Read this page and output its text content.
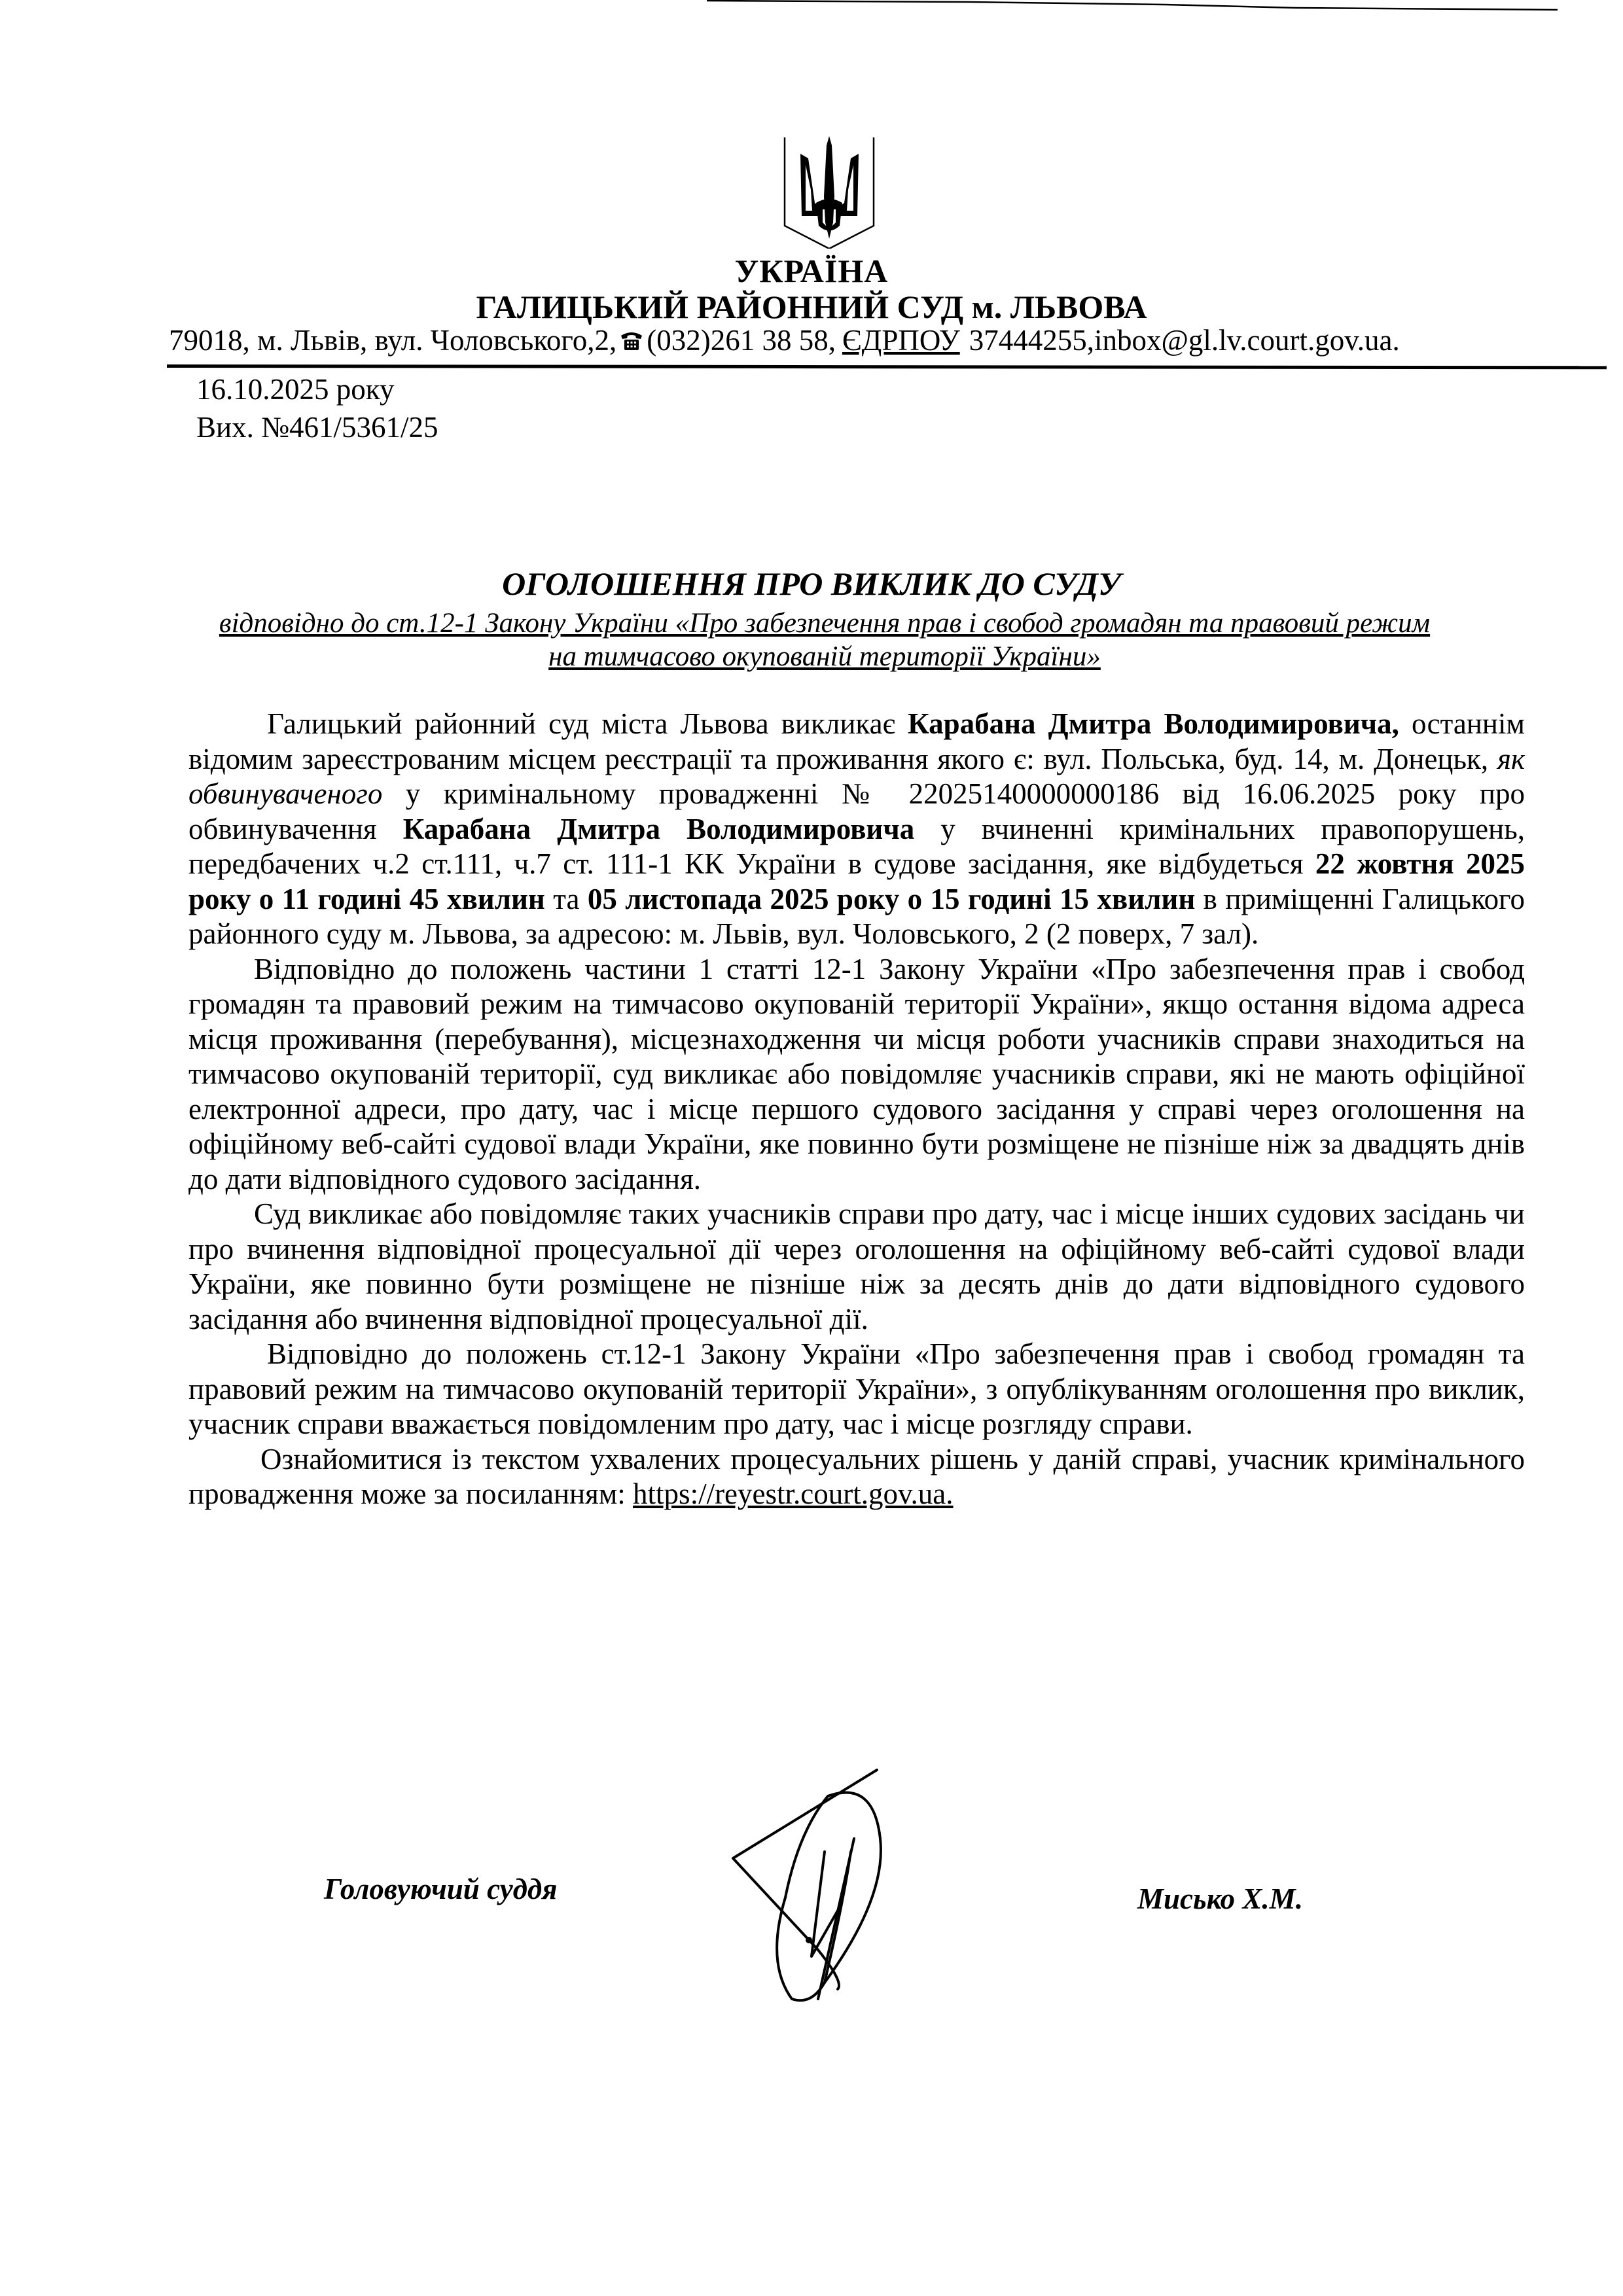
УКРАЇНА
ГАЛИЦЬКИЙ РАЙОННИЙ СУД м. ЛЬВОВА
79018, м. Львів, вул. Чоловського,2, (032)261 38 58, ЄДРПОУ 37444255,inbox@gl.lv.court.gov.ua.
16.10.2025 року
Вих. №461/5361/25
ОГОЛОШЕННЯ ПРО ВИКЛИК ДО СУДУ
відповідно до ст.12-1 Закону України «Про забезпечення прав і свобод громадян та правовий режим
на тимчасово окупованій території України»

Галицький районний суд міста Львова викликає Карабана Дмитра Володимировича, останнім відомим зареєстрованим місцем реєстрації та проживання якого є: вул. Польська, буд. 14, м. Донецьк, як обвинуваченого у кримінальному провадженні № 22025140000000186 від 16.06.2025 року про обвинувачення Карабана Дмитра Володимировича у вчиненні кримінальних правопорушень, передбачених ч.2 ст.111, ч.7 ст. 111-1 КК України в судове засідання, яке відбудеться 22 жовтня 2025 року о 11 годині 45 хвилин та 05 листопада 2025 року о 15 годині 15 хвилин в приміщенні Галицького районного суду м. Львова, за адресою: м. Львів, вул. Чоловського, 2 (2 поверх, 7 зал).

Відповідно до положень частини 1 статті 12-1 Закону України «Про забезпечення прав і свобод громадян та правовий режим на тимчасово окупованій території України», якщо остання відома адреса місця проживання (перебування), місцезнаходження чи місця роботи учасників справи знаходиться на тимчасово окупованій території, суд викликає або повідомляє учасників справи, які не мають офіційної електронної адреси, про дату, час і місце першого судового засідання у справі через оголошення на офіційному веб-сайті судової влади України, яке повинно бути розміщене не пізніше ніж за двадцять днів до дати відповідного судового засідання.

Суд викликає або повідомляє таких учасників справи про дату, час і місце інших судових засідань чи про вчинення відповідної процесуальної дії через оголошення на офіційному веб-сайті судової влади України, яке повинно бути розміщене не пізніше ніж за десять днів до дати відповідного судового засідання або вчинення відповідної процесуальної дії.

Відповідно до положень ст.12-1 Закону України «Про забезпечення прав і свобод громадян та правовий режим на тимчасово окупованій території України», з опублікуванням оголошення про виклик, учасник справи вважається повідомленим про дату, час і місце розгляду справи.

Ознайомитися із текстом ухвалених процесуальних рішень у даній справі, учасник кримінального провадження може за посиланням: https://reyestr.court.gov.ua.

Головуючий суддя	Мисько Х.М.
